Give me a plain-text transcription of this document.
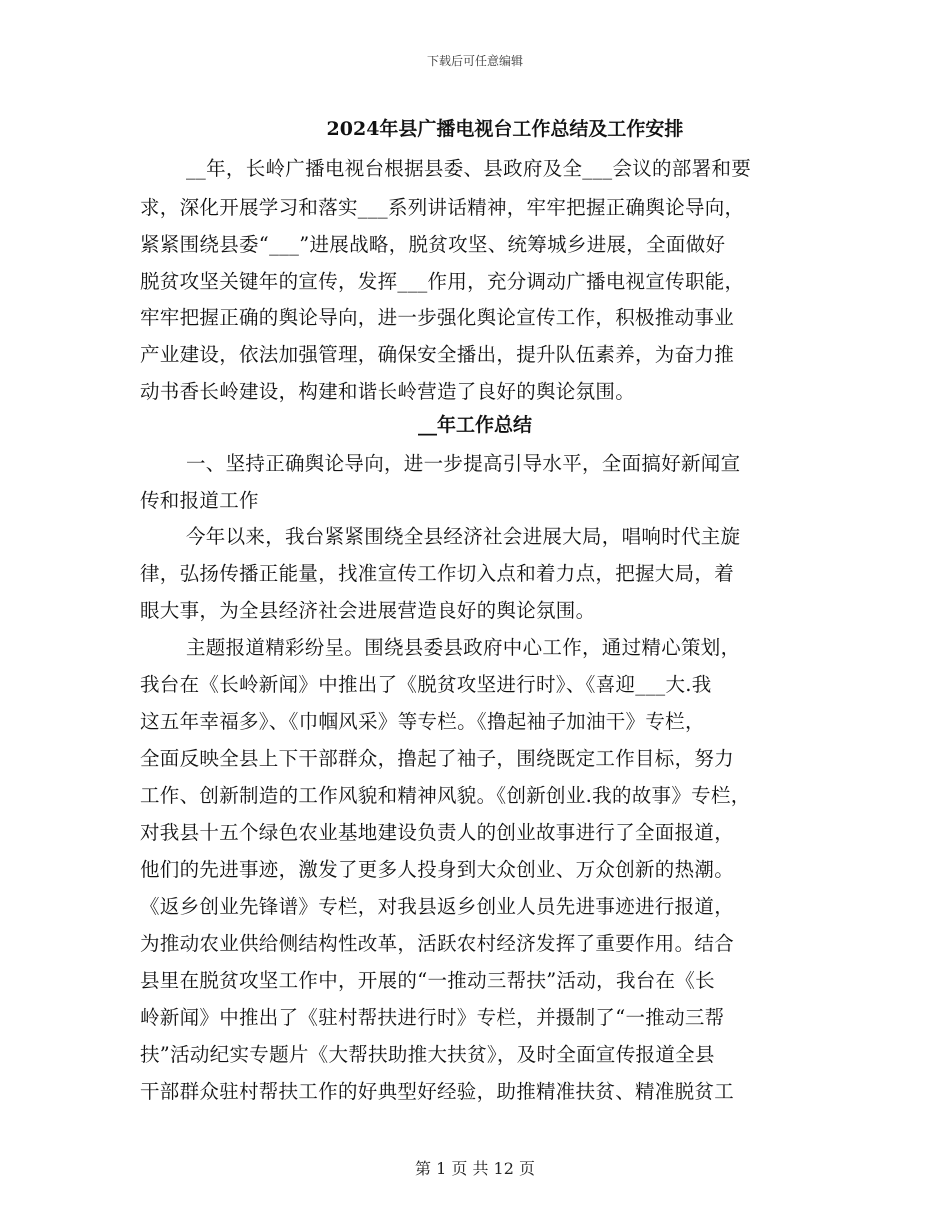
下载后可任意编辑
2024年县广播电视台工作总结及工作安排
__年，长岭广播电视台根据县委、县政府及全___会议的部署和要
求，深化开展学习和落实___系列讲话精神，牢牢把握正确舆论导向，
紧紧围绕县委“___”进展战略，脱贫攻坚、统筹城乡进展，全面做好
脱贫攻坚关键年的宣传，发挥___作用，充分调动广播电视宣传职能，
牢牢把握正确的舆论导向，进一步强化舆论宣传工作，积极推动事业
产业建设，依法加强管理，确保安全播出，提升队伍素养，为奋力推
动书香长岭建设，构建和谐长岭营造了良好的舆论氛围。
__年工作总结
一、坚持正确舆论导向，进一步提高引导水平，全面搞好新闻宣
传和报道工作
今年以来，我台紧紧围绕全县经济社会进展大局，唱响时代主旋
律，弘扬传播正能量，找准宣传工作切入点和着力点，把握大局，着
眼大事，为全县经济社会进展营造良好的舆论氛围。
主题报道精彩纷呈。围绕县委县政府中心工作，通过精心策划，
我台在《长岭新闻》中推出了《脱贫攻坚进行时》、《喜迎___大.我
这五年幸福多》、《巾帼风采》等专栏。《撸起袖子加油干》专栏，
全面反映全县上下干部群众，撸起了袖子，围绕既定工作目标，努力
工作、创新制造的工作风貌和精神风貌。《创新创业.我的故事》专栏，
对我县十五个绿色农业基地建设负责人的创业故事进行了全面报道，
他们的先进事迹，激发了更多人投身到大众创业、万众创新的热潮。
《返乡创业先锋谱》专栏，对我县返乡创业人员先进事迹进行报道，
为推动农业供给侧结构性改革，活跃农村经济发挥了重要作用。结合
县里在脱贫攻坚工作中，开展的“一推动三帮扶”活动，我台在《长
岭新闻》中推出了《驻村帮扶进行时》专栏，并摄制了“一推动三帮
扶”活动纪实专题片《大帮扶助推大扶贫》，及时全面宣传报道全县
干部群众驻村帮扶工作的好典型好经验，助推精准扶贫、精准脱贫工
第 1 页 共 12 页
